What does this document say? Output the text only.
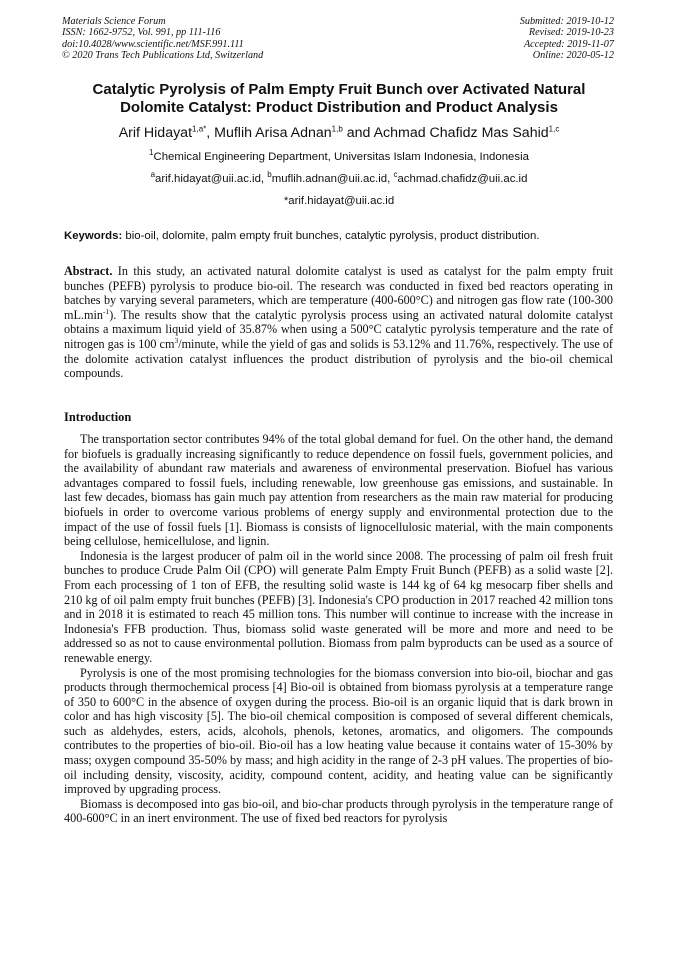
Materials Science Forum
ISSN: 1662-9752, Vol. 991, pp 111-116
doi:10.4028/www.scientific.net/MSF.991.111
© 2020 Trans Tech Publications Ltd, Switzerland
Submitted: 2019-10-12
Revised: 2019-10-23
Accepted: 2019-11-07
Online: 2020-05-12
Catalytic Pyrolysis of Palm Empty Fruit Bunch over Activated Natural
Dolomite Catalyst: Product Distribution and Product Analysis
Arif Hidayat$^{1,a*}$, Muflih Arisa Adnan$^{1,b}$ and Achmad Chafidz Mas Sahid$^{1,c}$
$^1$Chemical Engineering Department, Universitas Islam Indonesia, Indonesia
$^a$arif.hidayat@uii.ac.id, $^b$muflih.adnan@uii.ac.id, $^c$achmad.chafidz@uii.ac.id
*arif.hidayat@uii.ac.id
Keywords: bio-oil, dolomite, palm empty fruit bunches, catalytic pyrolysis, product distribution.

Abstract. In this study, an activated natural dolomite catalyst is used as catalyst for the palm empty fruit bunches (PEFB) pyrolysis to produce bio-oil. The research was conducted in fixed bed reactors operating in batches by varying several parameters, which are temperature (400-600°C) and nitrogen gas flow rate (100-300 $mL.\min^{-1}$). The results show that the catalytic pyrolysis process using an activated natural dolomite catalyst obtains a maximum liquid yield of 35.87% when using a 500°C catalytic pyrolysis temperature and the rate of nitrogen gas is 100 $cm^3$/minute, while the yield of gas and solids is 53.12% and 11.76%, respectively. The use of the dolomite activation catalyst influences the product distribution of pyrolysis and the bio-oil chemical compounds.

Introduction

The transportation sector contributes 94% of the total global demand for fuel. On the other hand, the demand for biofuels is gradually increasing significantly to reduce dependence on fossil fuels, government policies, and the availability of abundant raw materials and awareness of environmental preservation. Biofuel has various advantages compared to fossil fuels, including renewable, low greenhouse gas emissions, and sustainable. In last few decades, biomass has gain much pay attention from researchers as the main raw material for producing biofuels in order to overcome various problems of energy supply and environmental protection due to the impact of the use of fossil fuels [1]. Biomass is consists of lignocellulosic material, with the main components being cellulose, hemicellulose, and lignin.

Indonesia is the largest producer of palm oil in the world since 2008. The processing of palm oil fresh fruit bunches to produce Crude Palm Oil (CPO) will generate Palm Empty Fruit Bunch (PEFB) as a solid waste [2]. From each processing of 1 ton of EFB, the resulting solid waste is 144 kg of 64 kg mesocarp fiber shells and 210 kg of oil palm empty fruit bunches (PEFB) [3]. Indonesia's CPO production in 2017 reached 42 million tons and in 2018 it is estimated to reach 45 million tons. This number will continue to increase with the increase in Indonesia's FFB production. Thus, biomass solid waste generated will be more and more and need to be addressed so as not to cause environmental pollution. Biomass from palm byproducts can be used as a source of renewable energy.

Pyrolysis is one of the most promising technologies for the biomass conversion into bio-oil, biochar and gas products through thermochemical process [4] Bio-oil is obtained from biomass pyrolysis at a temperature range of 350 to 600°C in the absence of oxygen during the process. Bio-oil is an organic liquid that is dark brown in color and has high viscosity [5]. The bio-oil chemical composition is composed of several different chemicals, such as aldehydes, esters, acids, alcohols, phenols, ketones, aromatics, and oligomers. The compounds contributes to the properties of bio-oil. Bio-oil has a low heating value because it contains water of 15-30% by mass; oxygen compound 35-50% by mass; and high acidity in the range of 2-3 pH values. The properties of bio-oil including density, viscosity, acidity, compound content, acidity, and heating value can be significantly improved by upgrading process.

Biomass is decomposed into gas bio-oil, and bio-char products through pyrolysis in the temperature range of 400-600°C in an inert environment. The use of fixed bed reactors for pyrolysis
